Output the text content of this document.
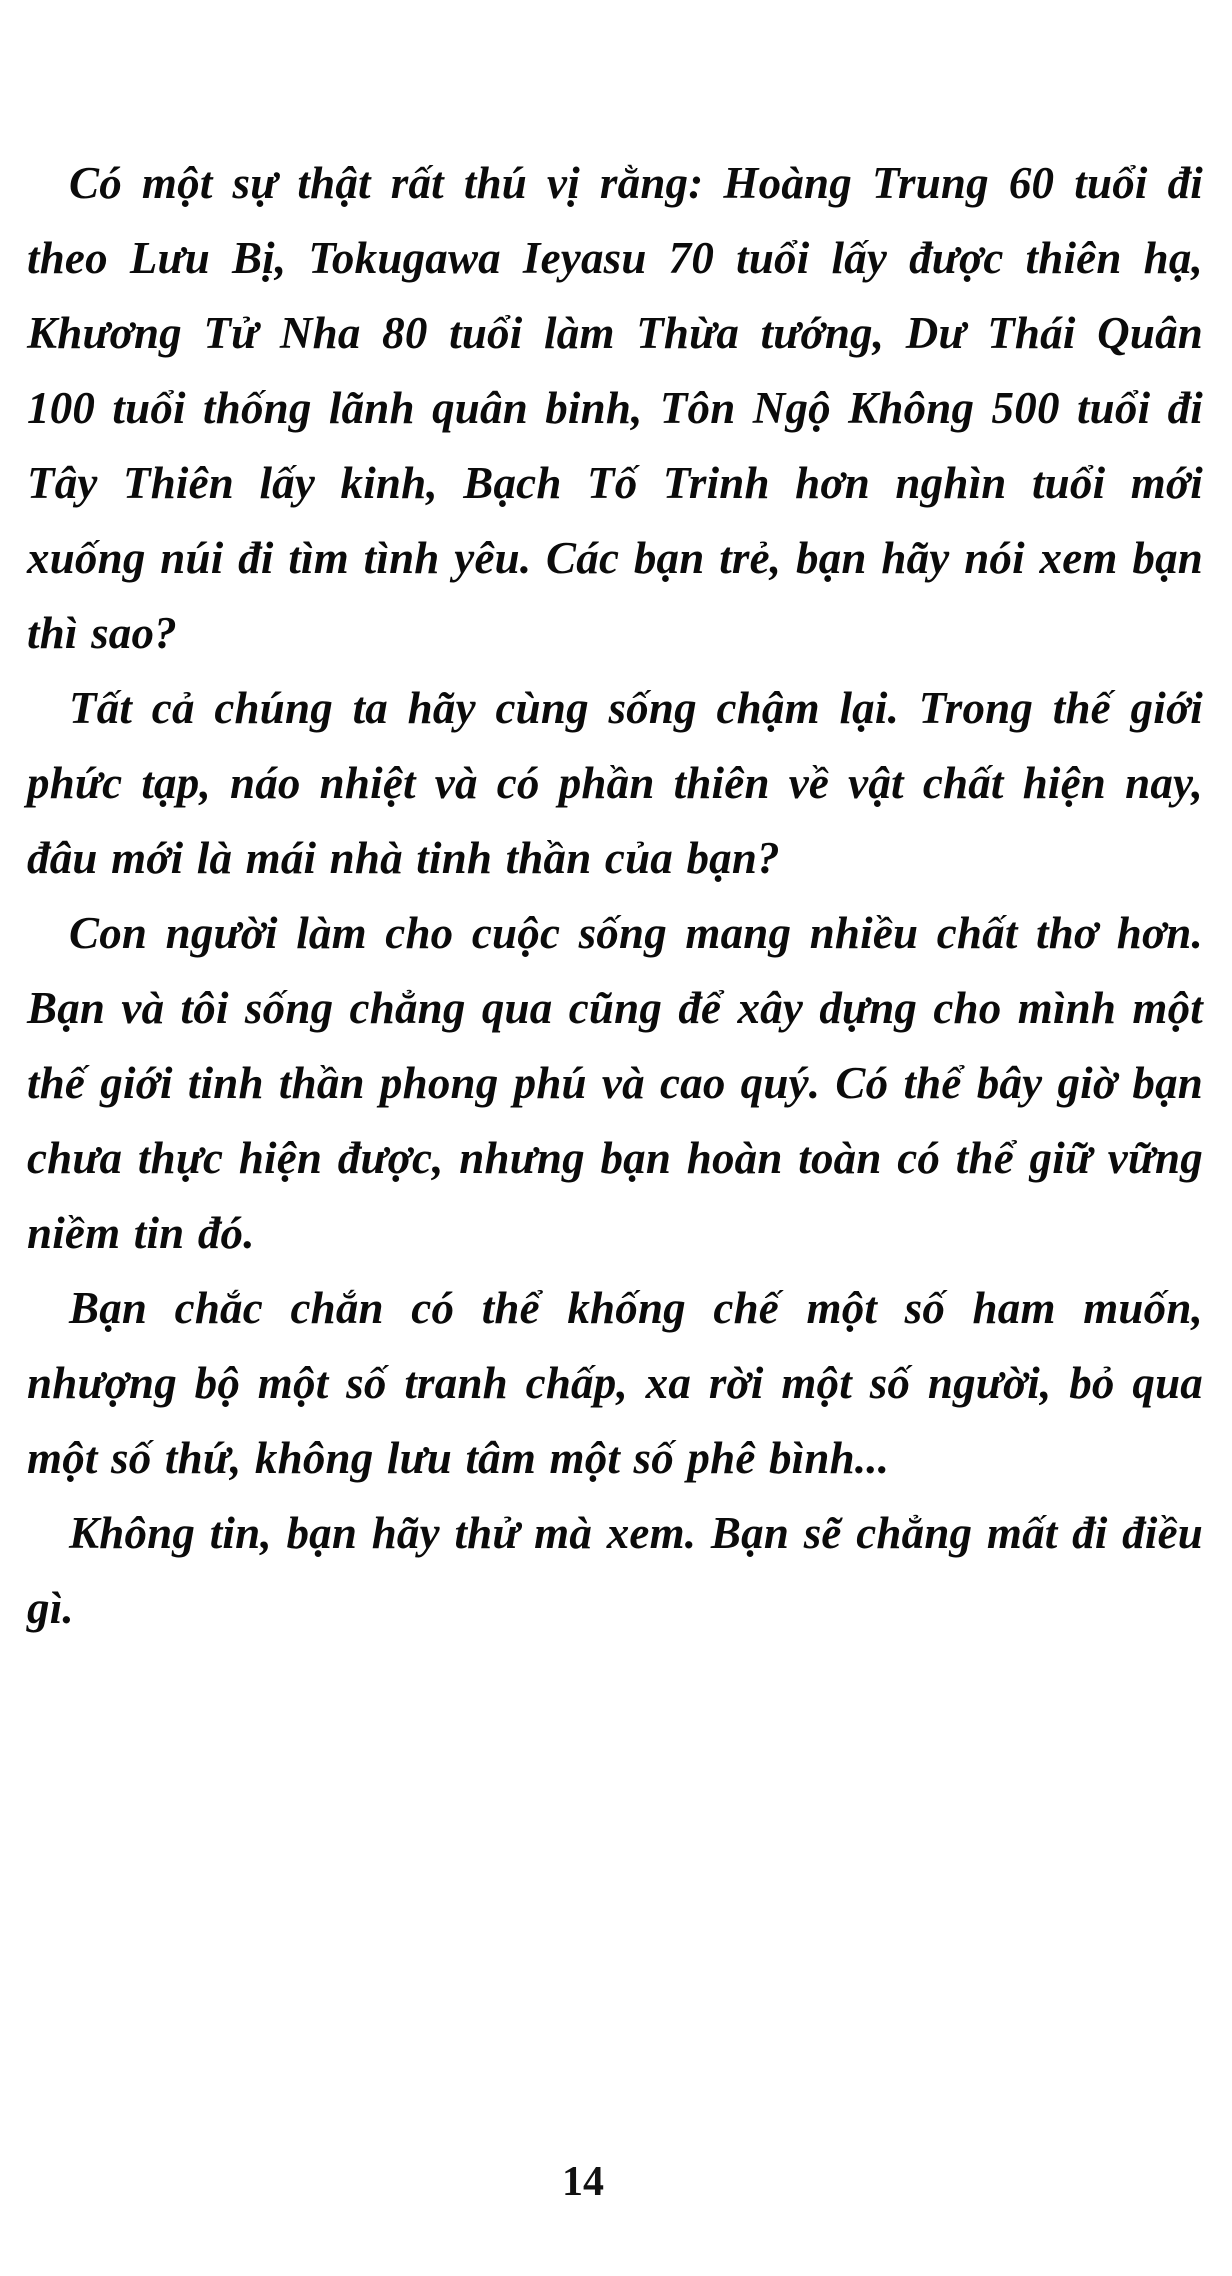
Có một sự thật rất thú vị rằng: Hoàng Trung 60 tuổi đi theo Lưu Bị, Tokugawa Ieyasu 70 tuổi lấy được thiên hạ, Khương Tử Nha 80 tuổi làm Thừa tướng, Dư Thái Quân 100 tuổi thống lãnh quân binh, Tôn Ngộ Không 500 tuổi đi Tây Thiên lấy kinh, Bạch Tố Trinh hơn nghìn tuổi mới xuống núi đi tìm tình yêu. Các bạn trẻ, bạn hãy nói xem bạn thì sao?

Tất cả chúng ta hãy cùng sống chậm lại. Trong thế giới phức tạp, náo nhiệt và có phần thiên về vật chất hiện nay, đâu mới là mái nhà tinh thần của bạn?

Con người làm cho cuộc sống mang nhiều chất thơ hơn. Bạn và tôi sống chẳng qua cũng để xây dựng cho mình một thế giới tinh thần phong phú và cao quý. Có thể bây giờ bạn chưa thực hiện được, nhưng bạn hoàn toàn có thể giữ vững niềm tin đó.

Bạn chắc chắn có thể khống chế một số ham muốn, nhượng bộ một số tranh chấp, xa rời một số người, bỏ qua một số thứ, không lưu tâm một số phê bình...

Không tin, bạn hãy thử mà xem. Bạn sẽ chẳng mất đi điều gì.

14
